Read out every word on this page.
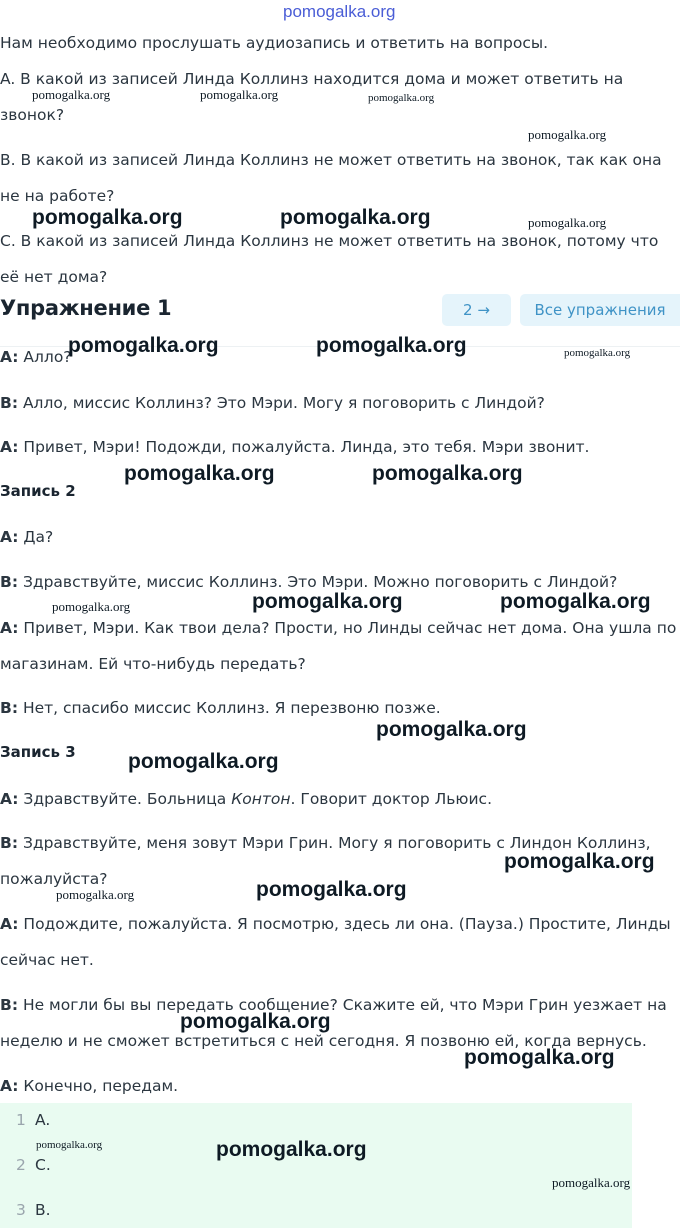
pomogalka.org
Нам необходимо прослушать аудиозапись и ответить на вопросы.
A. В какой из записей Линда Коллинз находится дома и может ответить на
звонок?
B. В какой из записей Линда Коллинз не может ответить на звонок, так как она
не на работе?
C. В какой из записей Линда Коллинз не может ответить на звонок, потому что
её нет дома?
Упражнение 1	2 →	Все упражнения
A: Алло?
B: Алло, миссис Коллинз? Это Мэри. Могу я поговорить с Линдой?
A: Привет, Мэри! Подожди, пожалуйста. Линда, это тебя. Мэри звонит.
Запись 2
A: Да?
B: Здравствуйте, миссис Коллинз. Это Мэри. Можно поговорить с Линдой?
A: Привет, Мэри. Как твои дела? Прости, но Линды сейчас нет дома. Она ушла по
магазинам. Ей что-нибудь передать?
B: Нет, спасибо миссис Коллинз. Я перезвоню позже.
Запись 3
A: Здравствуйте. Больница Контон. Говорит доктор Льюис.
B: Здравствуйте, меня зовут Мэри Грин. Могу я поговорить с Линдон Коллинз,
пожалуйста?
A: Подождите, пожалуйста. Я посмотрю, здесь ли она. (Пауза.) Простите, Линды
сейчас нет.
B: Не могли бы вы передать сообщение? Скажите ей, что Мэри Грин уезжает на
неделю и не сможет встретиться с ней сегодня. Я позвоню ей, когда вернусь.
A: Конечно, передам.
1 A.
2 C.
3 B.
pomogalka.org	pomogalka.org	pomogalka.org
pomogalka.org
pomogalka.org	pomogalka.org	pomogalka.org
pomogalka.org	pomogalka.org	pomogalka.org
pomogalka.org	pomogalka.org
pomogalka.org	pomogalka.org	pomogalka.org
pomogalka.org
pomogalka.org
pomogalka.org
pomogalka.org	pomogalka.org
pomogalka.org
pomogalka.org
pomogalka.org	pomogalka.org
pomogalka.org
